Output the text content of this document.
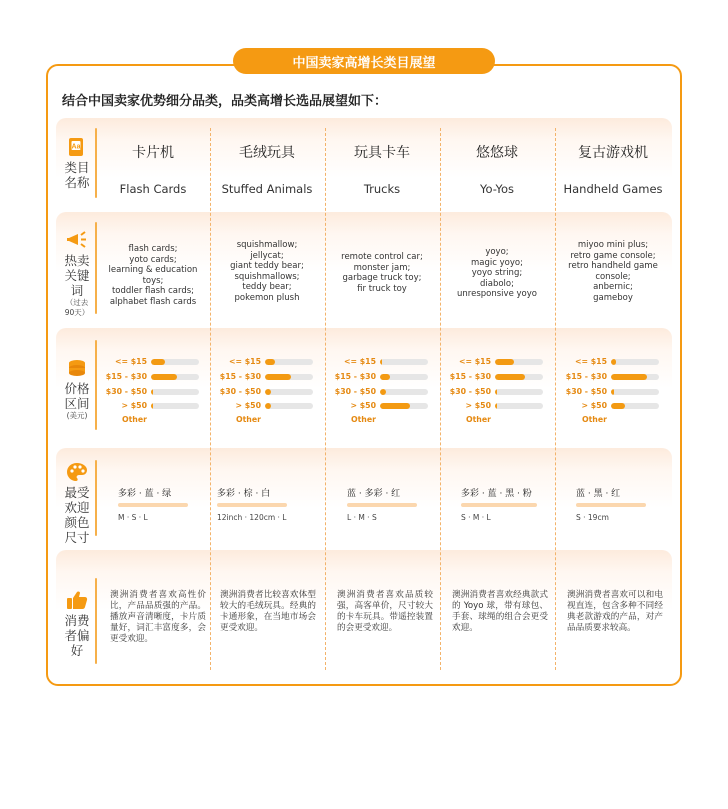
中国卖家高增长类目展望
结合中国卖家优势细分品类，品类高增长选品展望如下：
Aa
类目名称
热卖关键词
（过去90天）
价格区间
(美元)
最受欢迎颜色尺寸
消费者偏好
卡片机
Flash Cards
flash cards;
yoto cards;
learning & education toys;
toddler flash cards;
alphabet flash cards
<= $15
$15 - $30
$30 - $50
> $50
Other
多彩 · 蓝 · 绿
M · S · L
澳洲消费者喜欢高性价比，产品品质强的产品。播放声音清晰度，卡片质量好，词汇丰富度多，会更受欢迎。
毛绒玩具
Stuffed Animals
squishmallow;
jellycat;
giant teddy bear;
squishmallows;
teddy bear;
pokemon plush
<= $15
$15 - $30
$30 - $50
> $50
Other
多彩 · 棕 · 白
12inch · 120cm · L
澳洲消费者比较喜欢体型较大的毛绒玩具。经典的卡通形象，在当地市场会更受欢迎。
玩具卡车
Trucks
remote control car;
monster jam;
garbage truck toy;
fir truck toy
<= $15
$15 - $30
$30 - $50
> $50
Other
蓝 · 多彩 · 红
L · M · S
澳洲消费者喜欢品质较强，高客单价，尺寸较大的卡车玩具。带遥控装置的会更受欢迎。
悠悠球
Yo-Yos
yoyo;
magic yoyo;
yoyo string;
diabolo;
unresponsive yoyo
<= $15
$15 - $30
$30 - $50
> $50
Other
多彩 · 蓝 · 黑 · 粉
S · M · L
澳洲消费者喜欢经典款式的 Yoyo 球，带有球包、手套、球绳的组合会更受欢迎。
复古游戏机
Handheld Games
miyoo mini plus;
retro game console;
retro handheld game console;
anbernic;
gameboy
<= $15
$15 - $30
$30 - $50
> $50
Other
蓝 · 黑 · 红
S · 19cm
澳洲消费者喜欢可以和电视直连，包含多种不同经典老款游戏的产品，对产品品质要求较高。
